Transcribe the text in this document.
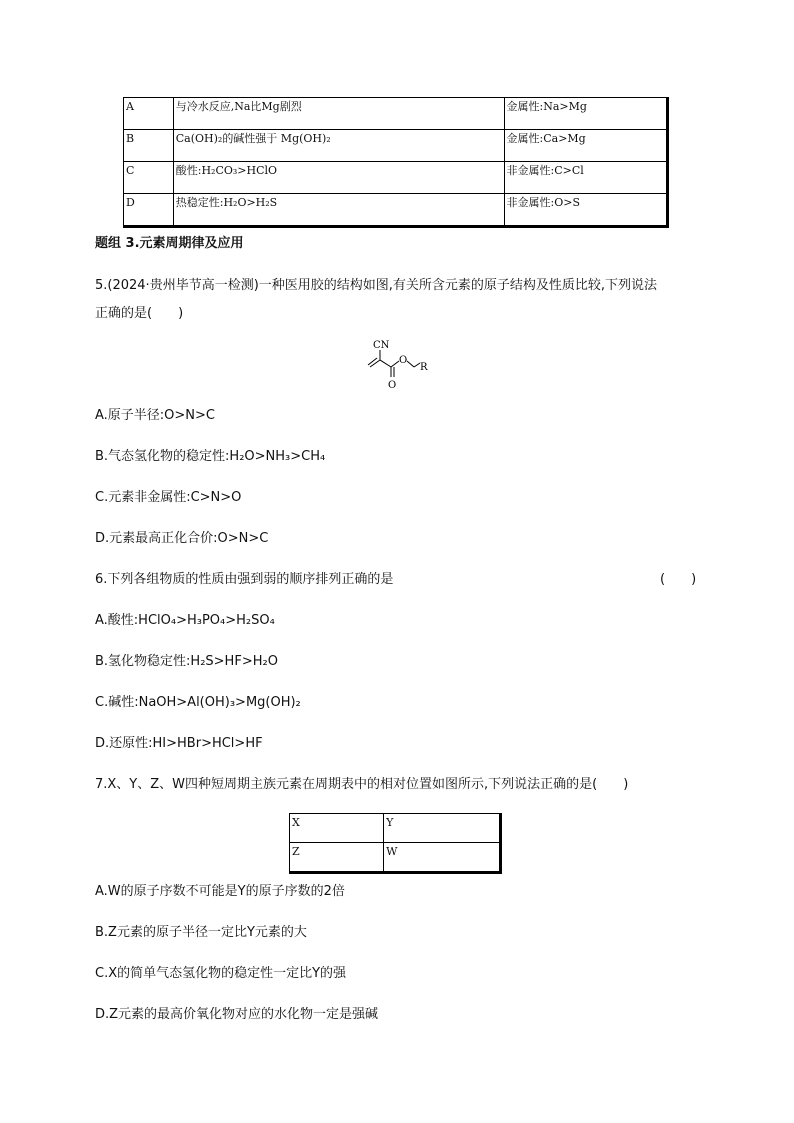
A	与冷水反应,Na比Mg剧烈	金属性:Na>Mg
B	Ca(OH)₂的碱性强于 Mg(OH)₂	金属性:Ca>Mg
C	酸性:H₂CO₃>HClO	非金属性:C>Cl
D	热稳定性:H₂O>H₂S	非金属性:O>S
题组 3.元素周期律及应用
5.(2024·贵州毕节高一检测)一种医用胶的结构如图,有关所含元素的原子结构及性质比较,下列说法
正确的是(　　)
CN
O
O
R
A.原子半径:O>N>C
B.气态氢化物的稳定性:H₂O>NH₃>CH₄
C.元素非金属性:C>N>O
D.元素最高正化合价:O>N>C
6.下列各组物质的性质由强到弱的顺序排列正确的是	(　　)
A.酸性:HClO₄>H₃PO₄>H₂SO₄
B.氢化物稳定性:H₂S>HF>H₂O
C.碱性:NaOH>Al(OH)₃>Mg(OH)₂
D.还原性:HI>HBr>HCl>HF
7.X、Y、Z、W四种短周期主族元素在周期表中的相对位置如图所示,下列说法正确的是(　　)
X	Y
Z	W
A.W的原子序数不可能是Y的原子序数的2倍
B.Z元素的原子半径一定比Y元素的大
C.X的简单气态氢化物的稳定性一定比Y的强
D.Z元素的最高价氧化物对应的水化物一定是强碱
